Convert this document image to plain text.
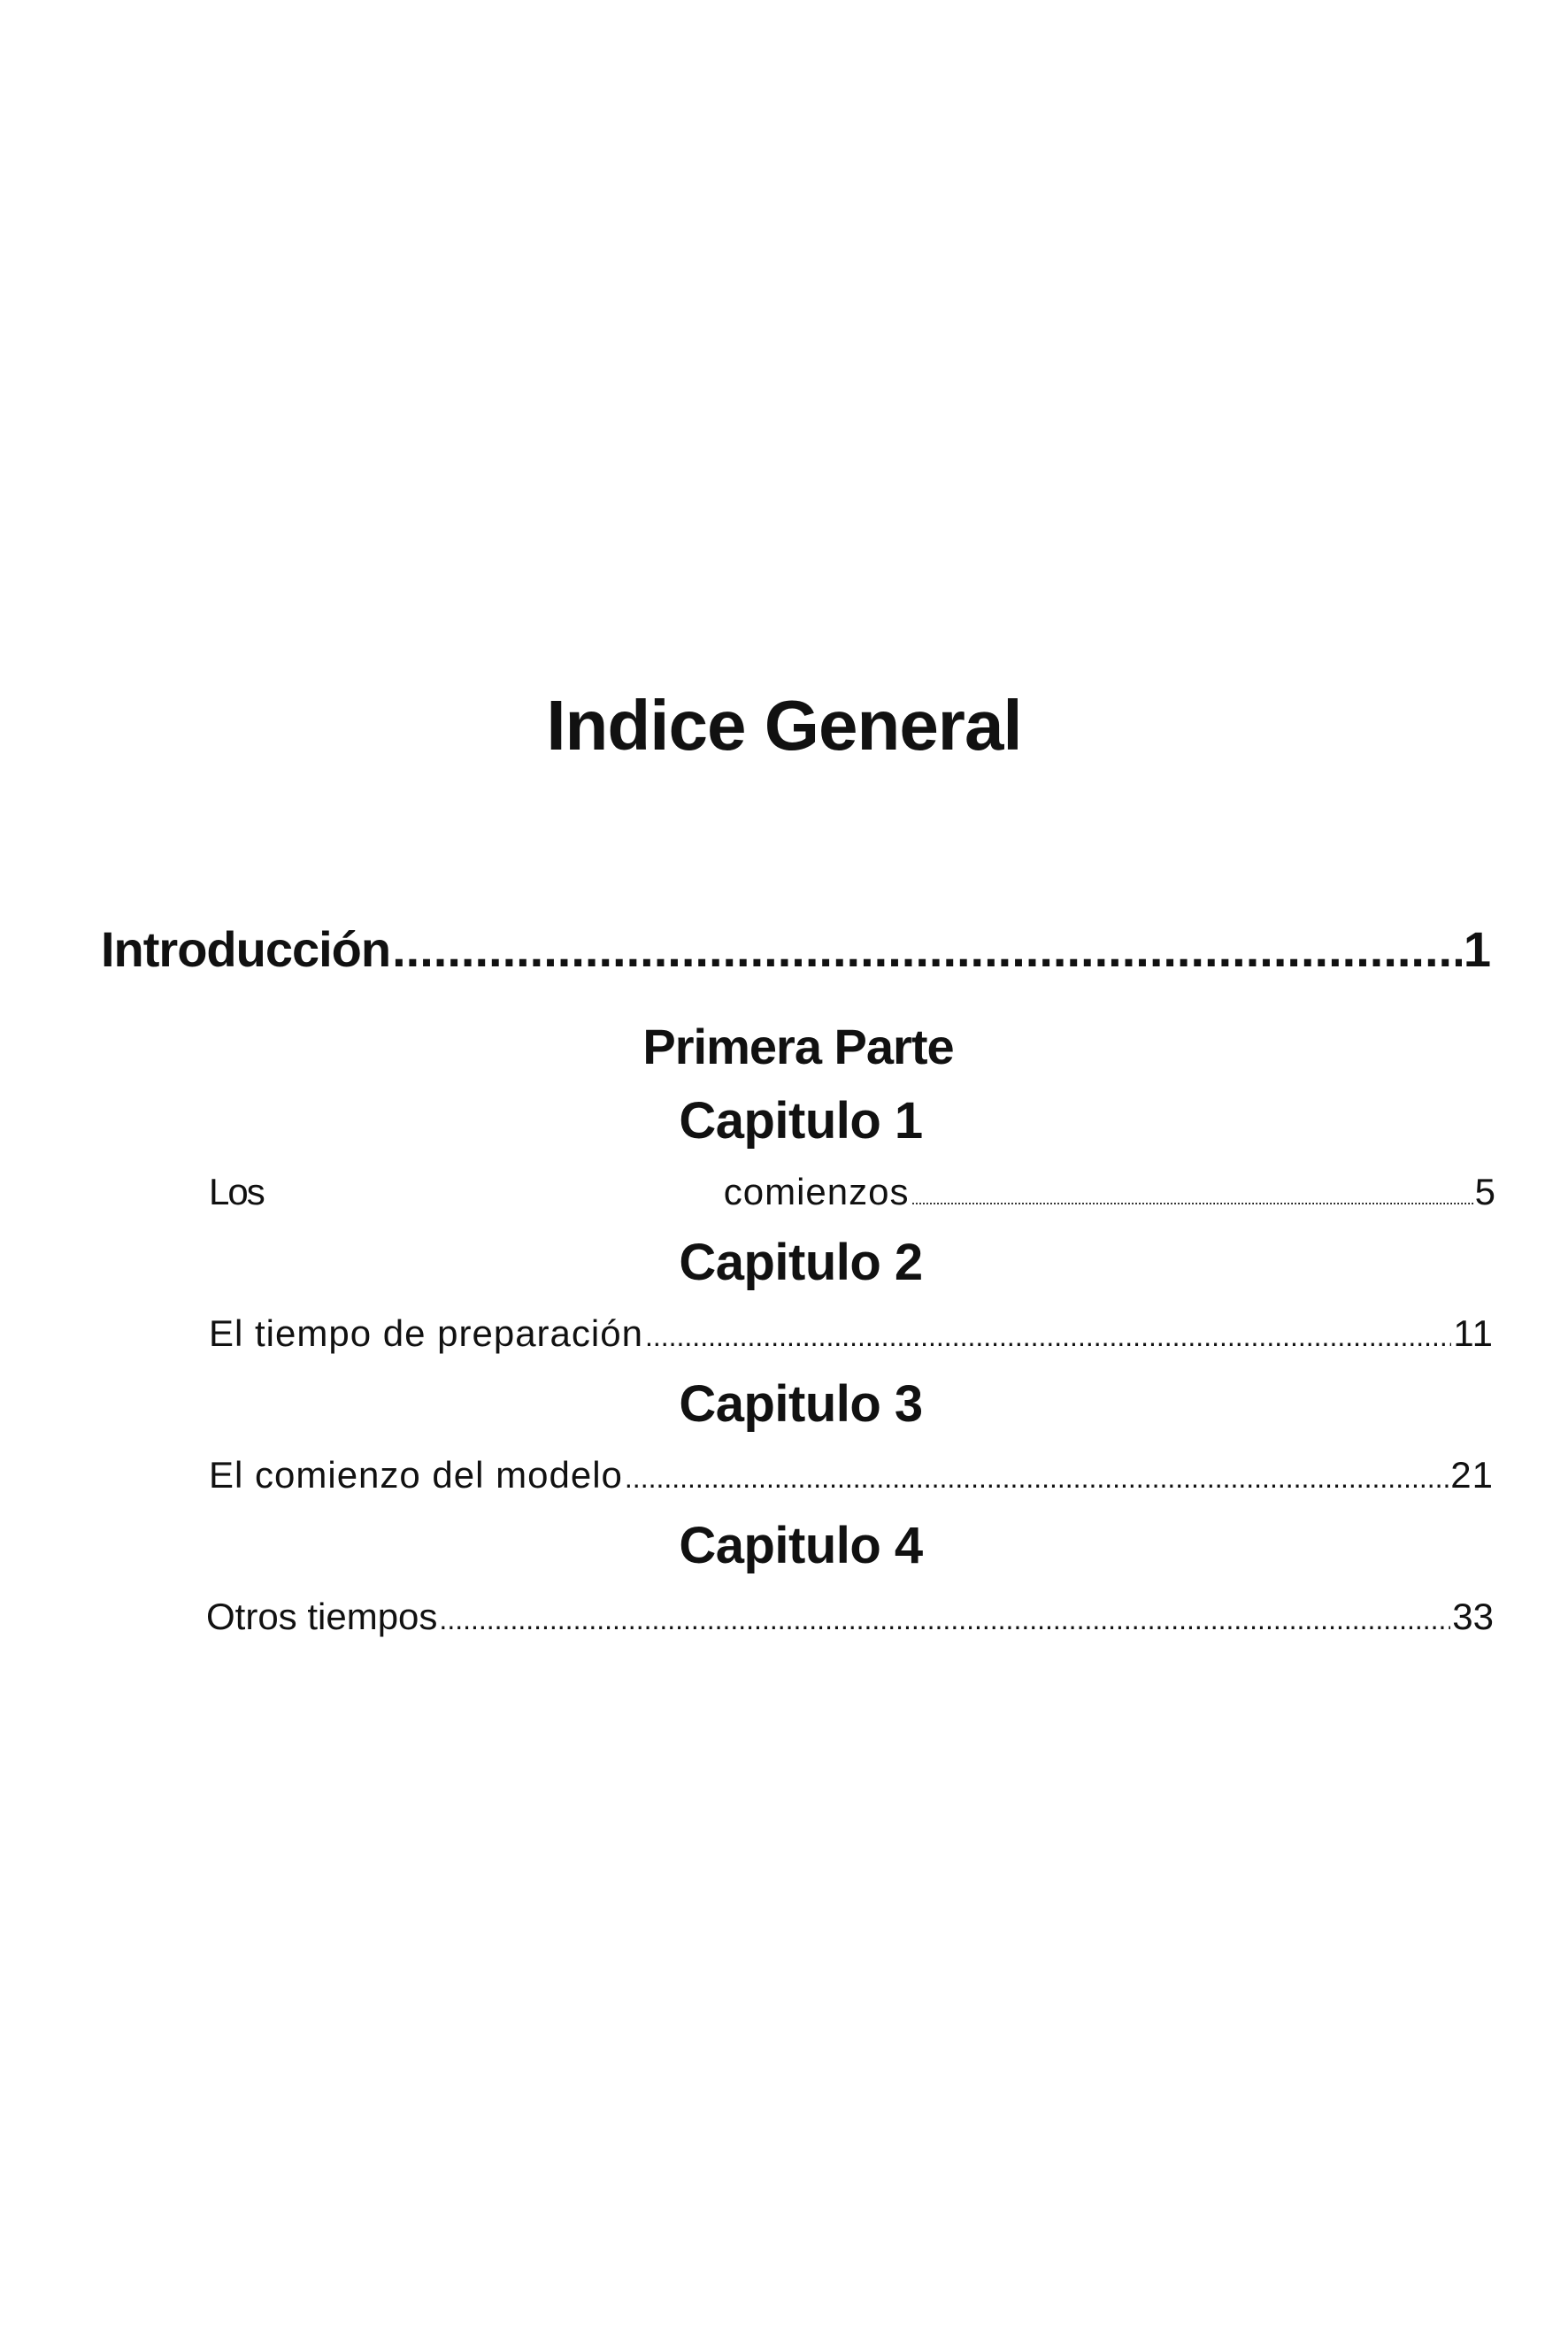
Indice General
Introducción .....	1
Primera Parte
Capitulo 1
Los	comienzos .....	5
Capitulo 2
El tiempo de preparación .....	11
Capitulo 3
El comienzo del modelo .....	21
Capitulo 4
Otros tiempos .....	33
